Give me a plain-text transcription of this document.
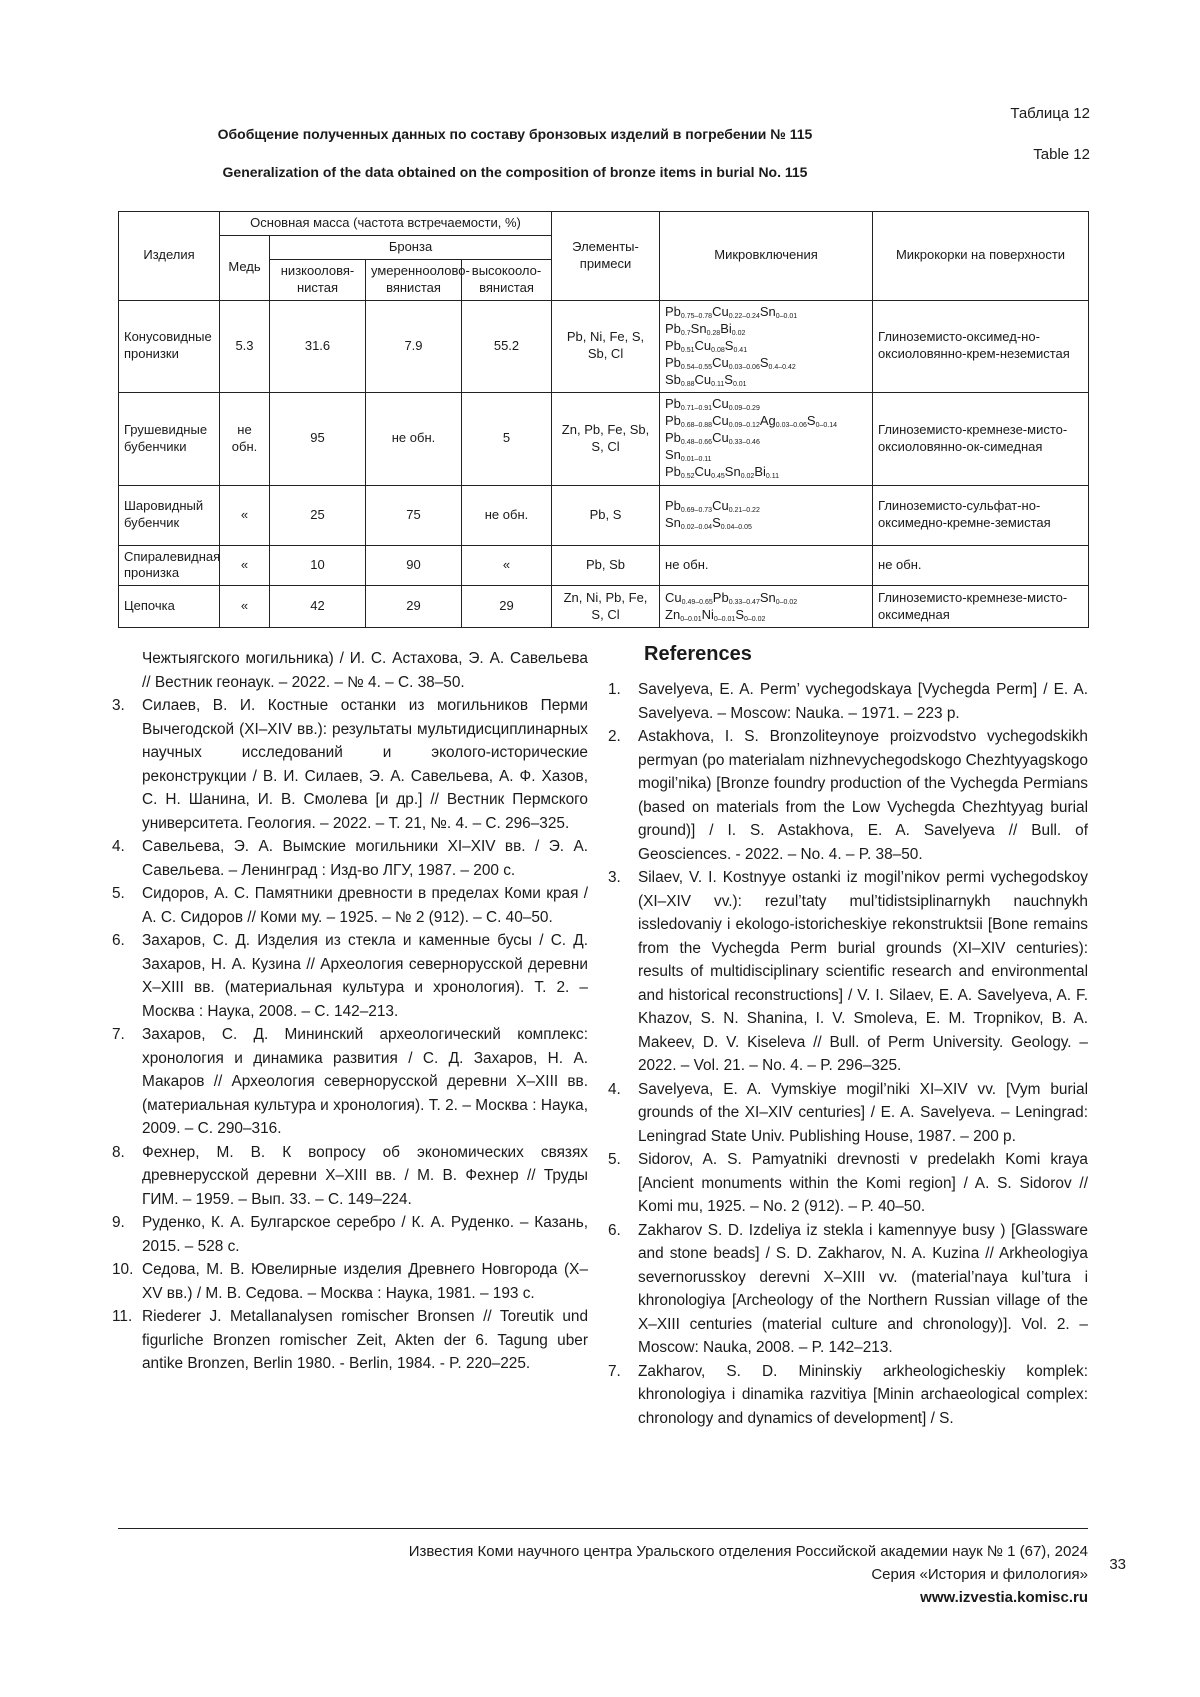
Таблица 12
Обобщение полученных данных по составу бронзовых изделий в погребении № 115
Table 12
Generalization of the data obtained on the composition of bronze items in burial No. 115
Изделия	Основная масса (частота встречаемости, %)				Элементы-примеси	Микровключения	Микрокорки на поверхности
	Медь	Бронза					
		низкооловя-нистая	умеренноолово-вянистая	высокооло-вянистая			
Конусовидные пронизки	5.3	31.6	7.9	55.2	Pb, Ni, Fe, S, Sb, Cl	$Pb_{0.75-0.78}Cu_{0.22-0.24}Sn_{0-0.01}$
$Pb_{0.7}Sn_{0.28}Bi_{0.02}$
$Pb_{0.51}Cu_{0.08}S_{0.41}$
$Pb_{0.54-0.55}Cu_{0.03-0.06}S_{0.4-0.42}$
$Sb_{0.88}Cu_{0.11}S_{0.01}$	Глиноземисто-оксимед-но-оксиоловянно-крем-неземистая
Грушевидные бубенчики	не обн.	95	не обн.	5	Zn, Pb, Fe, Sb, S, Cl	$Pb_{0.71-0.91}Cu_{0.09-0.29}$
$Pb_{0.68-0.88}Cu_{0.09-0.12}Ag_{0.03-0.06}S_{0-0.14}$
$Pb_{0.48-0.66}Cu_{0.33-0.46}$
$Sn_{0.01-0.11}$
$Pb_{0.52}Cu_{0.45}Sn_{0.02}Bi_{0.11}$	Глиноземисто-кремнезе-мисто-оксиоловянно-ок-симедная
Шаровидный бубенчик	«	25	75	не обн.	Pb, S	$Pb_{0.69-0.73}Cu_{0.21-0.22}$
$Sn_{0.02-0.04}S_{0.04-0.05}$	Глиноземисто-сульфат-но-оксимедно-кремне-земистая
Спиралевидная пронизка	«	10	90	«	Pb, Sb	не обн.	не обн.
Цепочка	«	42	29	29	Zn, Ni, Pb, Fe, S, Cl	$Cu_{0.49-0.65}Pb_{0.33-0.47}Sn_{0-0.02}$
$Zn_{0-0.01}Ni_{0-0.01}S_{0-0.02}$	Глиноземисто-кремнезе-мисто-оксимедная
Чежтыягского могильника) / И. С. Астахова, Э. А. Савельева // Вестник геонаук. – 2022. – № 4. – С. 38–50.
3.	Силаев, В. И. Костные останки из могильников Перми Вычегодской (XI–XIV вв.): результаты мультидисциплинарных научных исследований и эколого-исторические реконструкции / В. И. Силаев, Э. А. Савельева, А. Ф. Хазов, С. Н. Шанина, И. В. Смолева [и др.] // Вестник Пермского университета. Геология. – 2022. – Т. 21, №. 4. – С. 296–325.
4.	Савельева, Э. А. Вымские могильники XI–XIV вв. / Э. А. Савельева. – Ленинград : Изд-во ЛГУ, 1987. – 200 с.
5.	Сидоров, А. С. Памятники древности в пределах Коми края / А. С. Сидоров // Коми му. – 1925. – № 2 (912). – С. 40–50.
6.	Захаров, С. Д. Изделия из стекла и каменные бусы / С. Д. Захаров, Н. А. Кузина // Археология севернорусской деревни X–XIII вв. (материальная культура и хронология). Т. 2. – Москва : Наука, 2008. – С. 142–213.
7.	Захаров, С. Д. Мининский археологический комплекс: хронология и динамика развития / С. Д. Захаров, Н. А. Макаров // Археология севернорусской деревни X–XIII вв. (материальная культура и хронология). Т. 2. – Москва : Наука, 2009. – С. 290–316.
8.	Фехнер, М. В. К вопросу об экономических связях древнерусской деревни X–XIII вв. / М. В. Фехнер // Труды ГИМ. – 1959. – Вып. 33. – С. 149–224.
9.	Руденко, К. А. Булгарское серебро / К. А. Руденко. – Казань, 2015. – 528 с.
10. Седова, М. В. Ювелирные изделия Древнего Новгорода (X–XV вв.) / М. В. Седова. – Москва : Наука, 1981. – 193 с.
11. Riederer J. Metallanalysen romischer Bronsen // Toreutik und figurliche Bronzen romischer Zeit, Akten der 6. Tagung uber antike Bronzen, Berlin 1980. - Berlin, 1984. - P. 220–225.
References
1.	Savelyeva, E. A. Perm’ vychegodskaya [Vychegda Perm] / E. A. Savelyeva. – Moscow: Nauka. – 1971. – 223 p.
2.	Astakhova, I. S. Bronzoliteynoye proizvodstvo vychegodskikh permyan (po materialam nizhnevychegodskogo Chezhtyyagskogo mogil’nika) [Bronze foundry production of the Vychegda Permians (based on materials from the Low Vychegda Chezhtyyag burial ground)] / I. S. Astakhova, E. A. Savelyeva // Bull. of Geosciences. - 2022. – No. 4. – P. 38–50.
3.	Silaev, V. I. Kostnyye ostanki iz mogil’nikov permi vychegodskoy (XI–XIV vv.): rezul’taty mul’tidistsiplinarnykh nauchnykh issledovaniy i ekologo-istoricheskiye rekonstruktsii [Bone remains from the Vychegda Perm burial grounds (XI–XIV centuries): results of multidisciplinary scientific research and environmental and historical reconstructions] / V. I. Silaev, E. A. Savelyeva, A. F. Khazov, S. N. Shanina, I. V. Smoleva, E. M. Tropnikov, B. A. Makeev, D. V. Kiseleva // Bull. of Perm University. Geology. – 2022. – Vol. 21. – No. 4. – P. 296–325.
4.	Savelyeva, E. A. Vymskiye mogil’niki XI–XIV vv. [Vym burial grounds of the XI–XIV centuries] / E. A. Savelyeva. – Leningrad: Leningrad State Univ. Publishing House, 1987. – 200 p.
5.	Sidorov, A. S. Pamyatniki drevnosti v predelakh Komi kraya [Ancient monuments within the Komi region] / A. S. Sidorov // Komi mu, 1925. – No. 2 (912). – P. 40–50.
6.	Zakharov S. D. Izdeliya iz stekla i kamennyye busy ) [Glassware and stone beads] / S. D. Zakharov, N. A. Kuzina // Arkheologiya severnorusskoy derevni X–XIII vv. (material’naya kul’tura i khronologiya [Archeology of the Northern Russian village of the X–XIII centuries (material culture and chronology)]. Vol. 2. – Moscow: Nauka, 2008. – P. 142–213.
7.	Zakharov, S. D. Mininskiy arkheologicheskiy komplek: khronologiya i dinamika razvitiya [Minin archaeological complex: chronology and dynamics of development] / S.
Известия Коми научного центра Уральского отделения Российской академии наук № 1 (67), 2024
Серия «История и филология»
www.izvestia.komisc.ru
33
